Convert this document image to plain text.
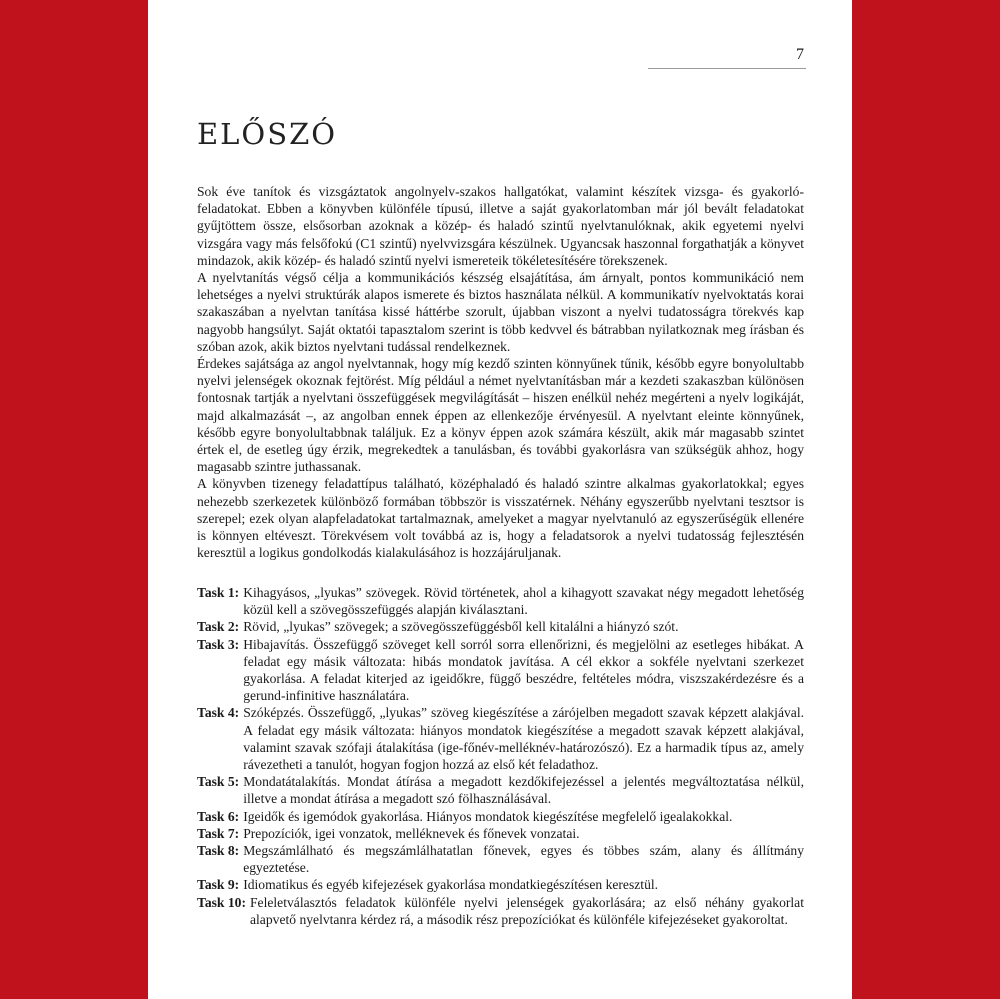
7
ELŐSZÓ

Sok éve tanítok és vizsgáztatok angolnyelv-szakos hallgatókat, valamint készítek vizsga- és gyakorló-feladatokat. Ebben a könyvben különféle típusú, illetve a saját gyakorlatomban már jól bevált feladatokat gyűjtöttem össze, elsősorban azoknak a közép- és haladó szintű nyelvtanulóknak, akik egyetemi nyelvi vizsgára vagy más felsőfokú (C1 szintű) nyelvvizsgára készülnek. Ugyancsak haszonnal forgathatják a könyvet mindazok, akik közép- és haladó szintű nyelvi ismereteik tökéletesítésére törekszenek.

A nyelvtanítás végső célja a kommunikációs készség elsajátítása, ám árnyalt, pontos kommunikáció nem lehetséges a nyelvi struktúrák alapos ismerete és biztos használata nélkül. A kommunikatív nyelvoktatás korai szakaszában a nyelvtan tanítása kissé háttérbe szorult, újabban viszont a nyelvi tudatosságra törekvés kap nagyobb hangsúlyt. Saját oktatói tapasztalom szerint is több kedvvel és bátrabban nyilatkoznak meg írásban és szóban azok, akik biztos nyelvtani tudással rendelkeznek.

Érdekes sajátsága az angol nyelvtannak, hogy míg kezdő szinten könnyűnek tűnik, később egyre bonyolultabb nyelvi jelenségek okoznak fejtörést. Míg például a német nyelvtanításban már a kezdeti szakaszban különösen fontosnak tartják a nyelvtani összefüggések megvilágítását – hiszen enélkül nehéz megérteni a nyelv logikáját, majd alkalmazását –, az angolban ennek éppen az ellenkezője érvényesül. A nyelvtant eleinte könnyűnek, később egyre bonyolultabbnak találjuk. Ez a könyv éppen azok számára készült, akik már magasabb szintet értek el, de esetleg úgy érzik, megrekedtek a tanulásban, és további gyakorlásra van szükségük ahhoz, hogy magasabb szintre juthassanak.

A könyvben tizenegy feladattípus található, középhaladó és haladó szintre alkalmas gyakorlatokkal; egyes nehezebb szerkezetek különböző formában többször is visszatérnek. Néhány egyszerűbb nyelvtani tesztsor is szerepel; ezek olyan alapfeladatokat tartalmaznak, amelyeket a magyar nyelvtanuló az egyszerűségük ellenére is könnyen eltéveszt. Törekvésem volt továbbá az is, hogy a feladatsorok a nyelvi tudatosság fejlesztésén keresztül a logikus gondolkodás kialakulásához is hozzájáruljanak.

Task 1: Kihagyásos, „lyukas” szövegek. Rövid történetek, ahol a kihagyott szavakat négy megadott lehetőség közül kell a szövegösszefüggés alapján kiválasztani.
Task 2: Rövid, „lyukas” szövegek; a szövegösszefüggésből kell kitalálni a hiányzó szót.
Task 3: Hibajavítás. Összefüggő szöveget kell sorról sorra ellenőrizni, és megjelölni az esetleges hibákat. A feladat egy másik változata: hibás mondatok javítása. A cél ekkor a sokféle nyelvtani szerkezet gyakorlása. A feladat kiterjed az igeidőkre, függő beszédre, feltételes módra, viszszakérdezésre és a gerund-infinitive használatára.
Task 4: Szóképzés. Összefüggő, „lyukas” szöveg kiegészítése a zárójelben megadott szavak képzett alakjával. A feladat egy másik változata: hiányos mondatok kiegészítése a megadott szavak képzett alakjával, valamint szavak szófaji átalakítása (ige-főnév-melléknév-határozószó). Ez a harmadik típus az, amely rávezetheti a tanulót, hogyan fogjon hozzá az első két feladathoz.
Task 5: Mondatátalakítás. Mondat átírása a megadott kezdőkifejezéssel a jelentés megváltoztatása nélkül, illetve a mondat átírása a megadott szó fölhasználásával.
Task 6: Igeidők és igemódok gyakorlása. Hiányos mondatok kiegészítése megfelelő igealakokkal.
Task 7: Prepozíciók, igei vonzatok, melléknevek és főnevek vonzatai.
Task 8: Megszámlálható és megszámlálhatatlan főnevek, egyes és többes szám, alany és állítmány egyeztetése.
Task 9: Idiomatikus és egyéb kifejezések gyakorlása mondatkiegészítésen keresztül.
Task 10: Feleletválasztós feladatok különféle nyelvi jelenségek gyakorlására; az első néhány gyakorlat alapvető nyelvtanra kérdez rá, a második rész prepozíciókat és különféle kifejezéseket gyakoroltat.
